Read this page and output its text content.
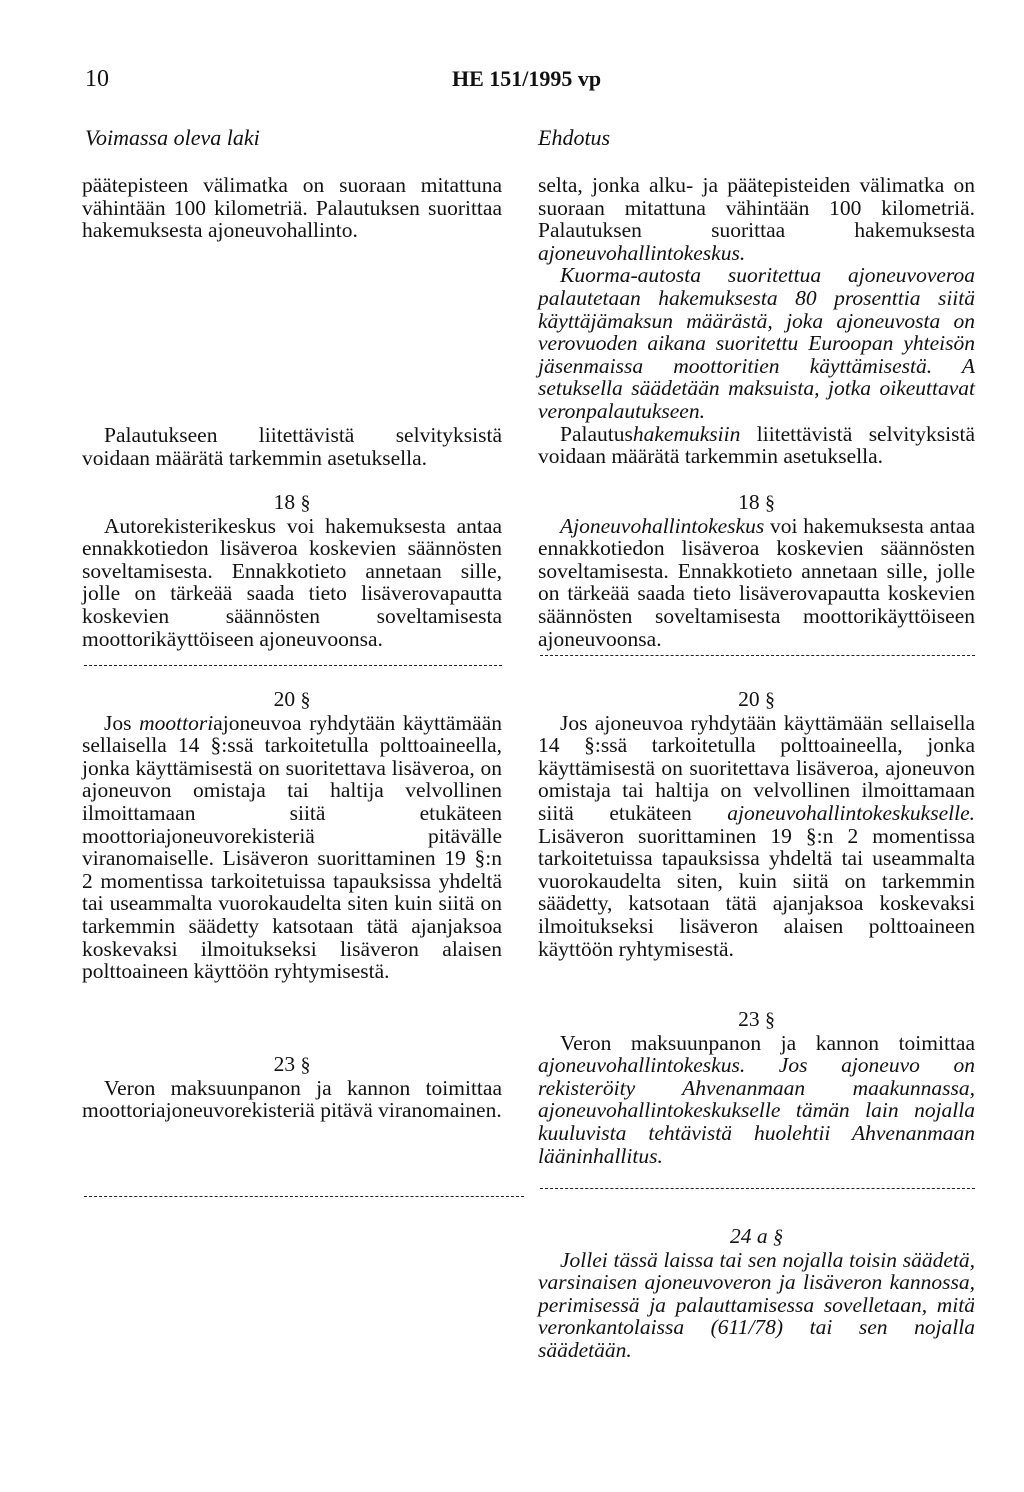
10	HE 151/1995 vp
Voimassa oleva laki	Ehdotus

päätepisteen välimatka on suoraan mitattuna vähintään 100 kilometriä. Palautuksen suorittaa hakemuksesta ajoneuvohallinto.

Palautukseen liitettävistä selvityksistä voidaan määrätä tarkemmin asetuksella.

18 §

Autorekisterikeskus voi hakemuksesta antaa ennakkotiedon lisäveroa koskevien säännösten soveltamisesta. Ennakkotieto annetaan sille, jolle on tärkeää saada tieto lisäverovapautta koskevien säännösten soveltamisesta moottorikäyttöiseen ajoneuvoonsa.

20 §

Jos moottoriajoneuvoa ryhdytään käyttämään sellaisella 14 §:ssä tarkoitetulla polttoaineella, jonka käyttämisestä on suoritettava lisäveroa, on ajoneuvon omistaja tai haltija velvollinen ilmoittamaan siitä etukäteen moottoriajoneuvorekisteriä pitävälle viranomaiselle. Lisäveron suorittaminen 19 §:n 2 momentissa tarkoitetuissa tapauksissa yhdeltä tai useammalta vuorokaudelta siten kuin siitä on tarkemmin säädetty katsotaan tätä ajanjaksoa koskevaksi ilmoitukseksi lisäveron alaisen polttoaineen käyttöön ryhtymisestä.

23 §

Veron maksuunpanon ja kannon toimittaa moottoriajoneuvorekisteriä pitävä viranomainen.

selta, jonka alku- ja päätepisteiden välimatka on suoraan mitattuna vähintään 100 kilometriä. Palautuksen suorittaa hakemuksesta ajoneuvohallintokeskus.

Kuorma-autosta suoritettua ajoneuvoveroa palautetaan hakemuksesta 80 prosenttia siitä käyttäjämaksun määrästä, joka ajoneuvosta on verovuoden aikana suoritettu Euroopan yhteisön jäsenmaissa moottoritien käyttämisestä. A setuksella säädetään maksuista, jotka oikeuttavat veronpalautukseen.

Palautushakemuksiin liitettävistä selvityksistä voidaan määrätä tarkemmin asetuksella.

18 §

Ajoneuvohallintokeskus voi hakemuksesta antaa ennakkotiedon lisäveroa koskevien säännösten soveltamisesta. Ennakkotieto annetaan sille, jolle on tärkeää saada tieto lisäverovapautta koskevien säännösten soveltamisesta moottorikäyttöiseen ajoneuvoonsa.

20 §

Jos ajoneuvoa ryhdytään käyttämään sellaisella 14 §:ssä tarkoitetulla polttoaineella, jonka käyttämisestä on suoritettava lisäveroa, ajoneuvon omistaja tai haltija on velvollinen ilmoittamaan siitä etukäteen ajoneuvohallintokeskukselle. Lisäveron suorittaminen 19 §:n 2 momentissa tarkoitetuissa tapauksissa yhdeltä tai useammalta vuorokaudelta siten, kuin siitä on tarkemmin säädetty, katsotaan tätä ajanjaksoa koskevaksi ilmoitukseksi lisäveron alaisen polttoaineen käyttöön ryhtymisestä.

23 §

Veron maksuunpanon ja kannon toimittaa ajoneuvohallintokeskus. Jos ajoneuvo on rekisteröity Ahvenanmaan maakunnassa, ajoneuvohallintokeskukselle tämän lain nojalla kuuluvista tehtävistä huolehtii Ahvenanmaan lääninhallitus.

24 a §

Jollei tässä laissa tai sen nojalla toisin säädetä, varsinaisen ajoneuvoveron ja lisäveron kannossa, perimisessä ja palauttamisessa sovelletaan, mitä veronkantolaissa (611/78) tai sen nojalla säädetään.
